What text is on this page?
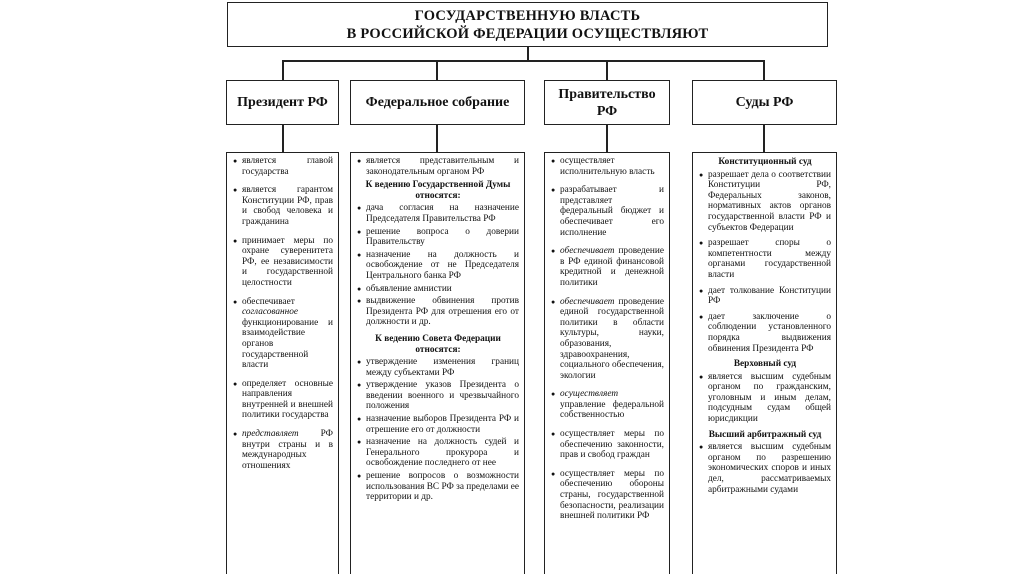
ГОСУДАРСТВЕННУЮ ВЛАСТЬ
В РОССИЙСКОЙ ФЕДЕРАЦИИ ОСУЩЕСТВЛЯЮТ
Президент РФ	Федеральное собрание
Правительство РФ
Суды РФ
● является главой государства
● является гарантом Конституции РФ, прав и свобод человека и гражданина
● принимает меры по охране суверенитета РФ, ее независимости и государственной целостности
● обеспечивает согласованное функционирование и взаимодействие органов государственной власти
● определяет основные направления внутренней и внешней политики государства
● представляет РФ внутри страны и в международных отношениях
● является представительным и законодательным органом РФ
К ведению Государственной Думы относятся:
● дача согласия на назначение Председателя Правительства РФ
● решение вопроса о доверии Правительству
● назначение на должность и освобождение от не Председателя Центрального банка РФ
● объявление амнистии
● выдвижение обвинения против Президента РФ для отрешения его от должности и др.
К ведению Совета Федерации относятся:
● утверждение изменения границ между субъектами РФ
● утверждение указов Президента о введении военного и чрезвычайного положения
● назначение выборов Президента РФ и отрешение его от должности
● назначение на должность судей и Генерального прокурора и освобождение последнего от нее
● решение вопросов о возможности использования ВС РФ за пределами ее территории и др.
● осуществляет исполнительную власть
● разрабатывает и представляет федеральный бюджет и обеспечивает его исполнение
● обеспечивает проведение в РФ единой финансовой кредитной и денежной политики
● обеспечивает проведение единой государственной политики в области культуры, науки, образования, здравоохранения, социального обеспечения, экологии
● осуществляет управление федеральной собственностью
● осуществляет меры по обеспечению законности, прав и свобод граждан
● осуществляет меры по обеспечению обороны страны, государственной безопасности, реализации внешней политики РФ
Конституционный суд
● разрешает дела о соответствии Конституции РФ, Федеральных законов, нормативных актов органов государственной власти РФ и субъектов Федерации
● разрешает споры о компетентности между органами государственной власти
● дает толкование Конституции РФ
● дает заключение о соблюдении установленного порядка выдвижения обвинения Президента РФ
Верховный суд
● является высшим судебным органом по гражданским, уголовным и иным делам, подсудным судам общей юрисдикции
Высший арбитражный суд
● является высшим судебным органом по разрешению экономических споров и иных дел, рассматриваемых арбитражными судами
